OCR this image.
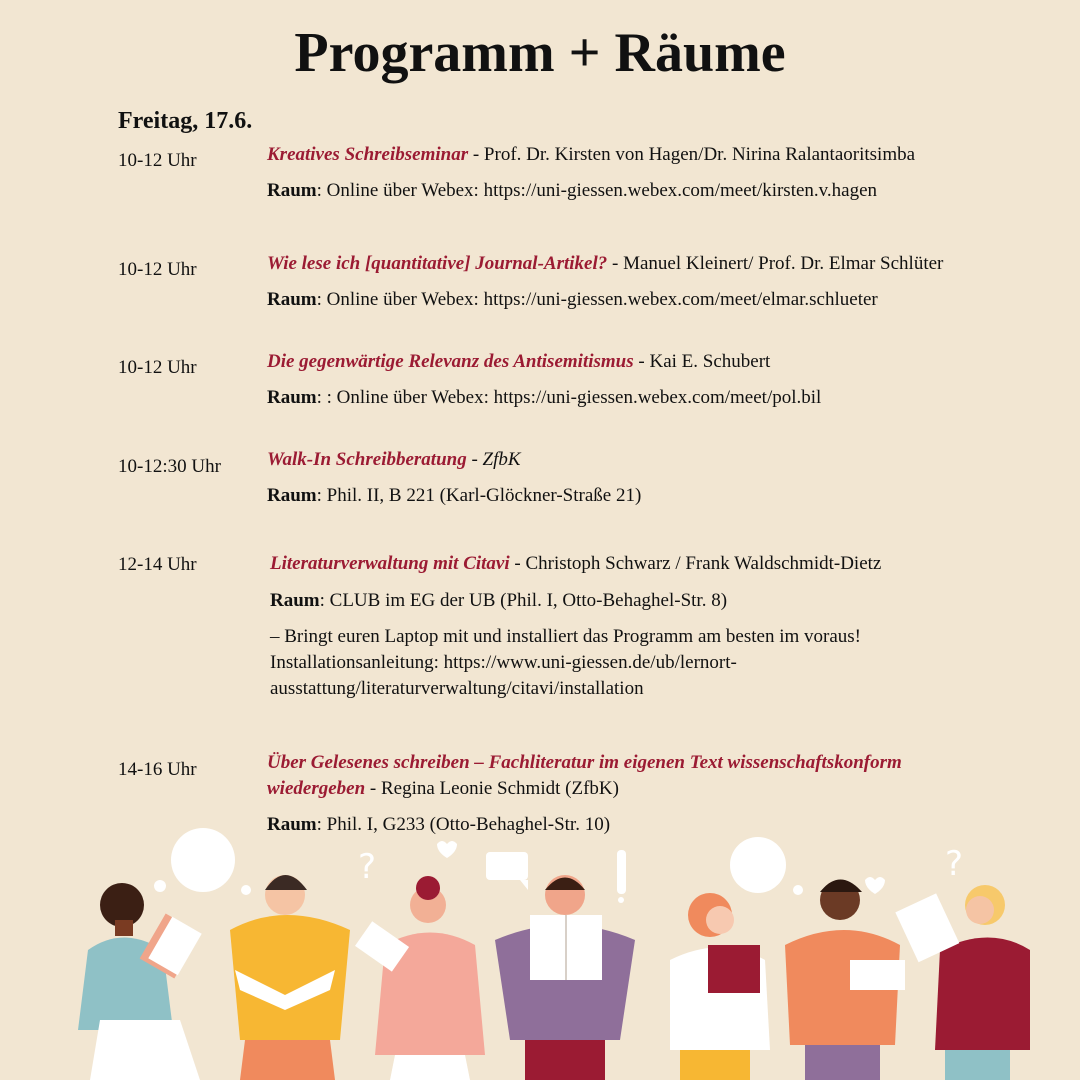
Programm + Räume
Freitag, 17.6.
10-12 Uhr	Kreatives Schreibseminar - Prof. Dr. Kirsten von Hagen/Dr. Nirina Ralantaoritsimba
Raum: Online über Webex: https://uni-giessen.webex.com/meet/kirsten.v.hagen
10-12 Uhr	Wie lese ich [quantitative] Journal-Artikel? - Manuel Kleinert/ Prof. Dr. Elmar Schlüter
Raum: Online über Webex: https://uni-giessen.webex.com/meet/elmar.schlueter
10-12 Uhr	Die gegenwärtige Relevanz des Antisemitismus - Kai E. Schubert
Raum: : Online über Webex: https://uni-giessen.webex.com/meet/pol.bil
10-12:30 Uhr Walk-In Schreibberatung - ZfbK
Raum: Phil. II, B 221 (Karl-Glöckner-Straße 21)
12-14 Uhr	Literaturverwaltung mit Citavi - Christoph Schwarz / Frank Waldschmidt-Dietz
Raum: CLUB im EG der UB (Phil. I, Otto-Behaghel-Str. 8)
– Bringt euren Laptop mit und installiert das Programm am besten im voraus!
Installationsanleitung: https://www.uni-giessen.de/ub/lernort-
ausstattung/literaturverwaltung/citavi/installation
14-16 Uhr	Über Gelesenes schreiben – Fachliteratur im eigenen Text wissenschaftskonform
wiedergeben - Regina Leonie Schmidt (ZfbK)
Raum: Phil. I, G233 (Otto-Behaghel-Str. 10)
?	?
